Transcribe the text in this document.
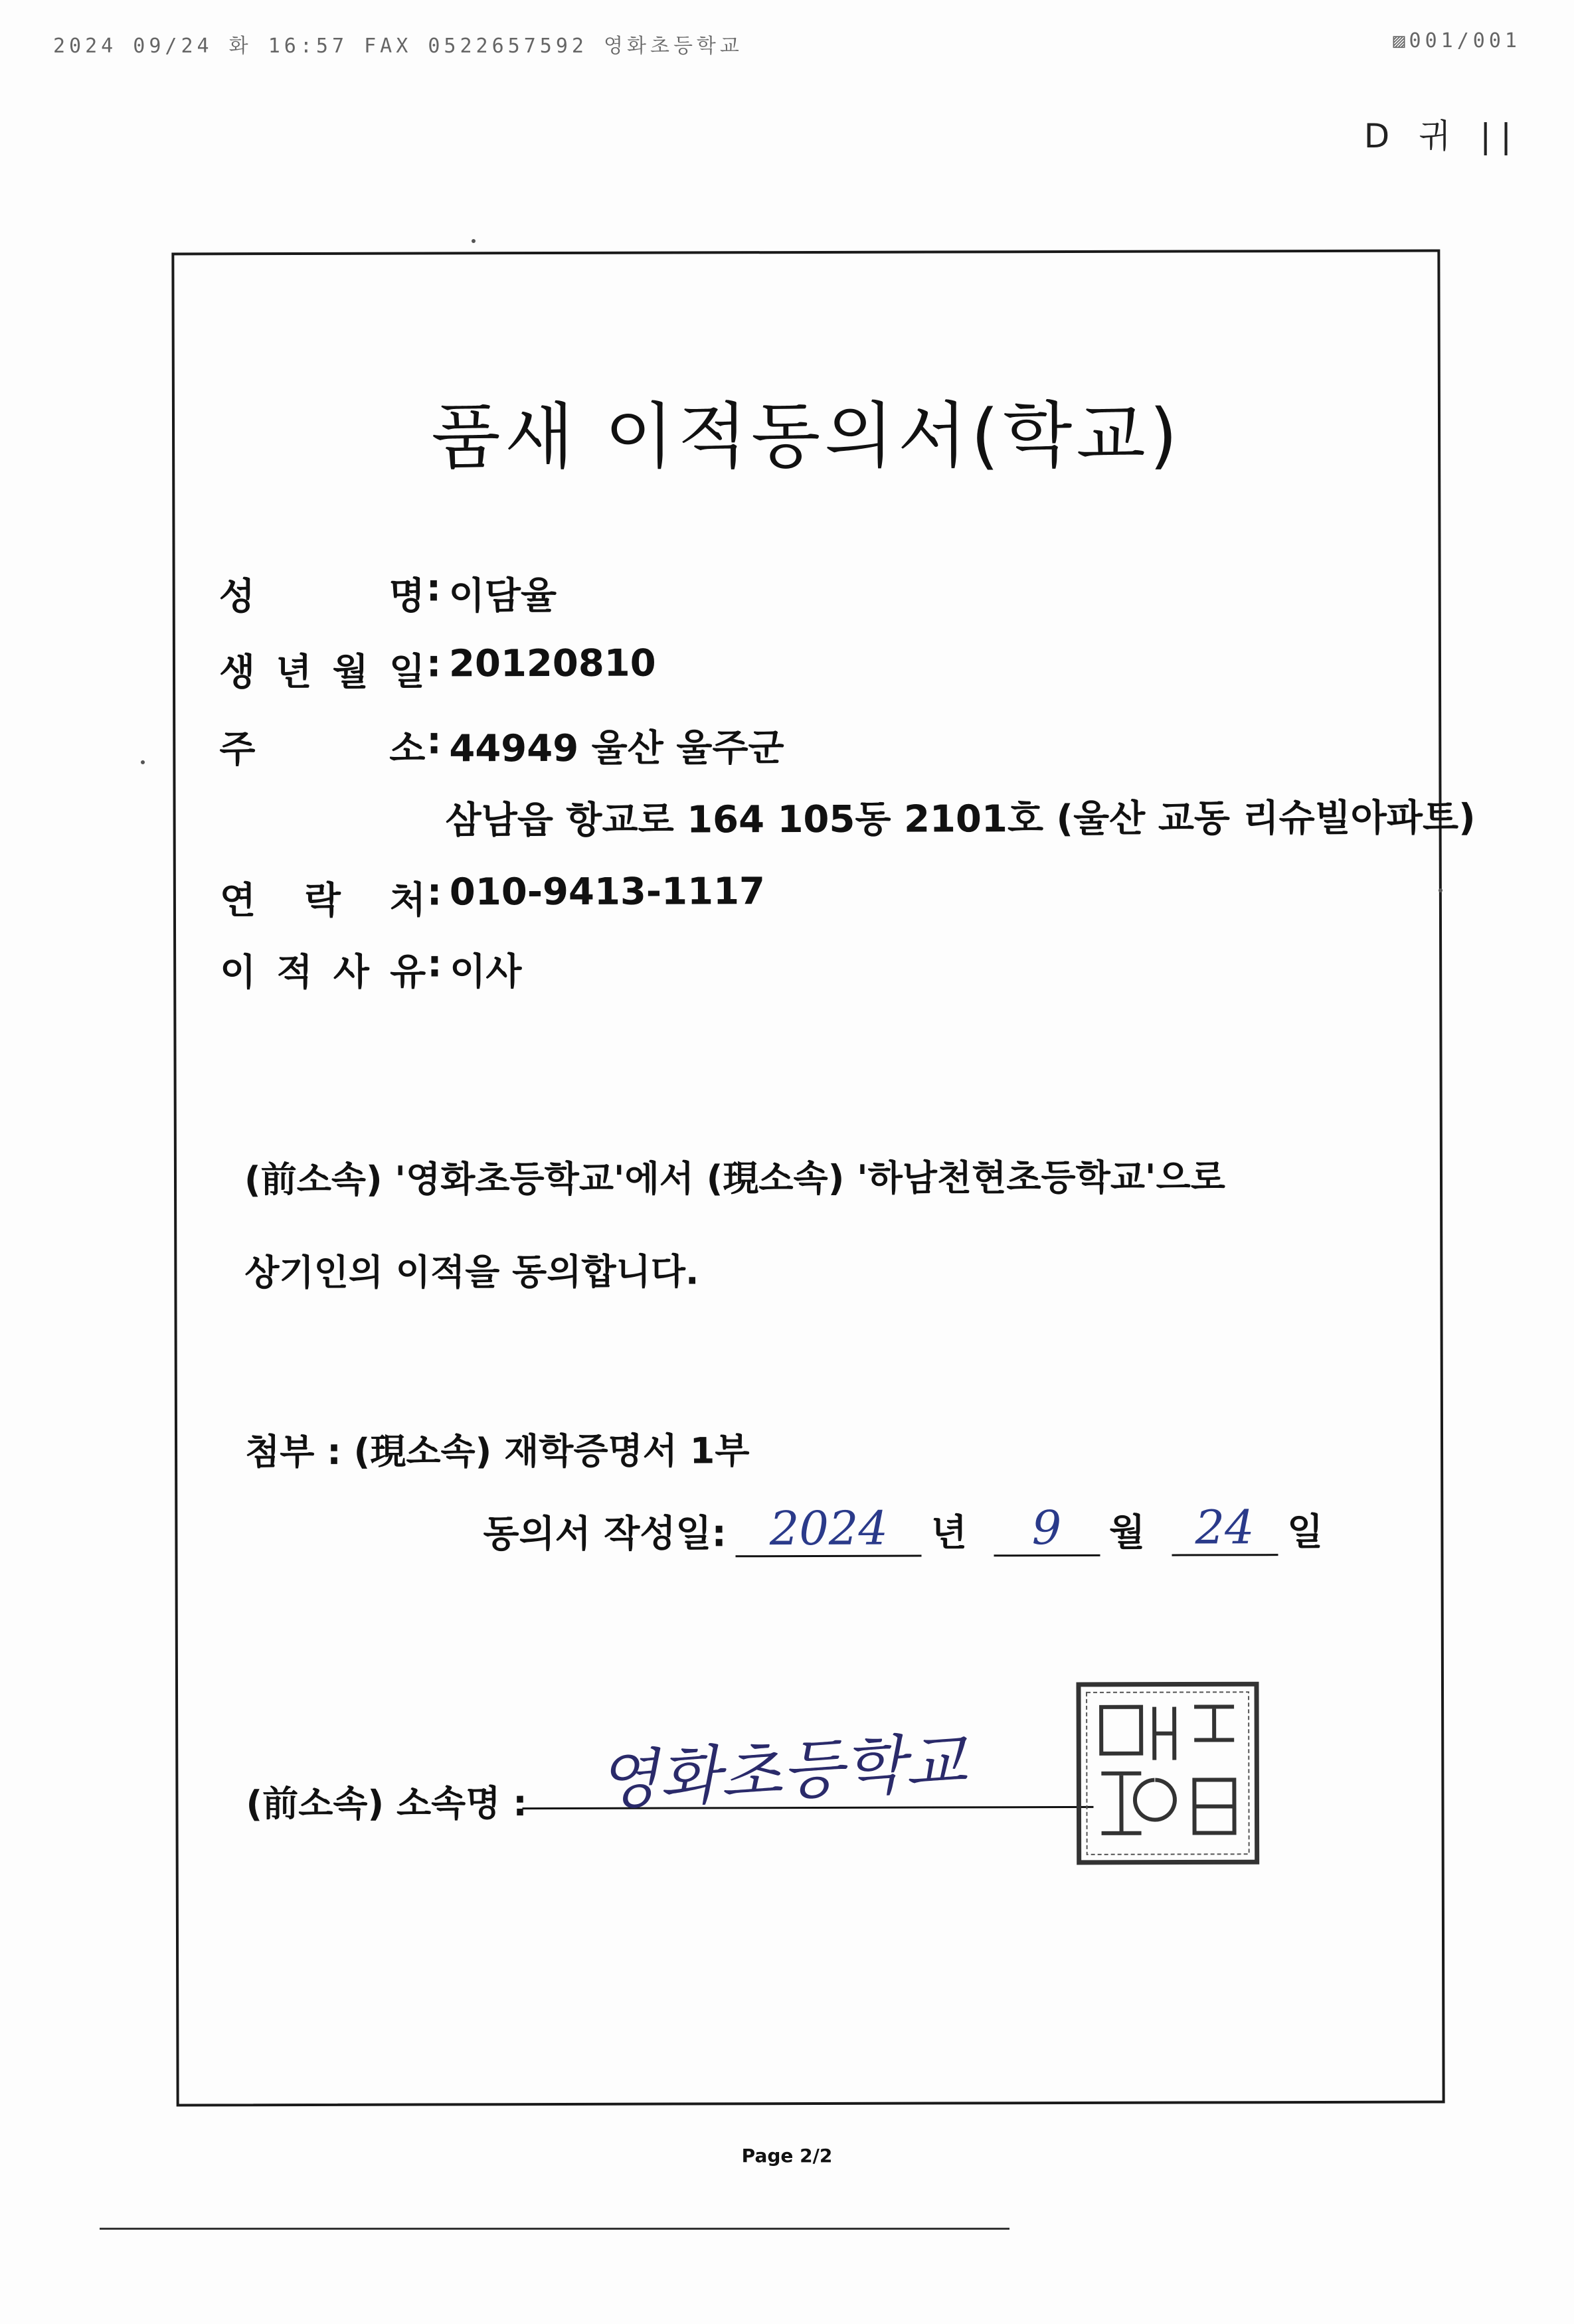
2024 09/24 화 16:57 FAX 0522657592 영화초등학교	▨001/001
D 귀 ||
품새 이적동의서(학교)
성	명 : 이담율
생 년 월 일 : 20120810
주	소 : 44949 울산 울주군
삼남읍 항교로 164 105동 2101호 (울산 교동 리슈빌아파트)
연 락 처 : 010-9413-1117
이 적 사 유 : 이사
(前소속) '영화초등학교'에서 (現소속) '하남천현초등학교'으로
상기인의 이적을 동의합니다.
첨부 : (現소속) 재학증명서 1부
동의서 작성일: 2024	년	9	월	24 일
(前소속) 소속명 : 영화초등학교
Page 2/2
